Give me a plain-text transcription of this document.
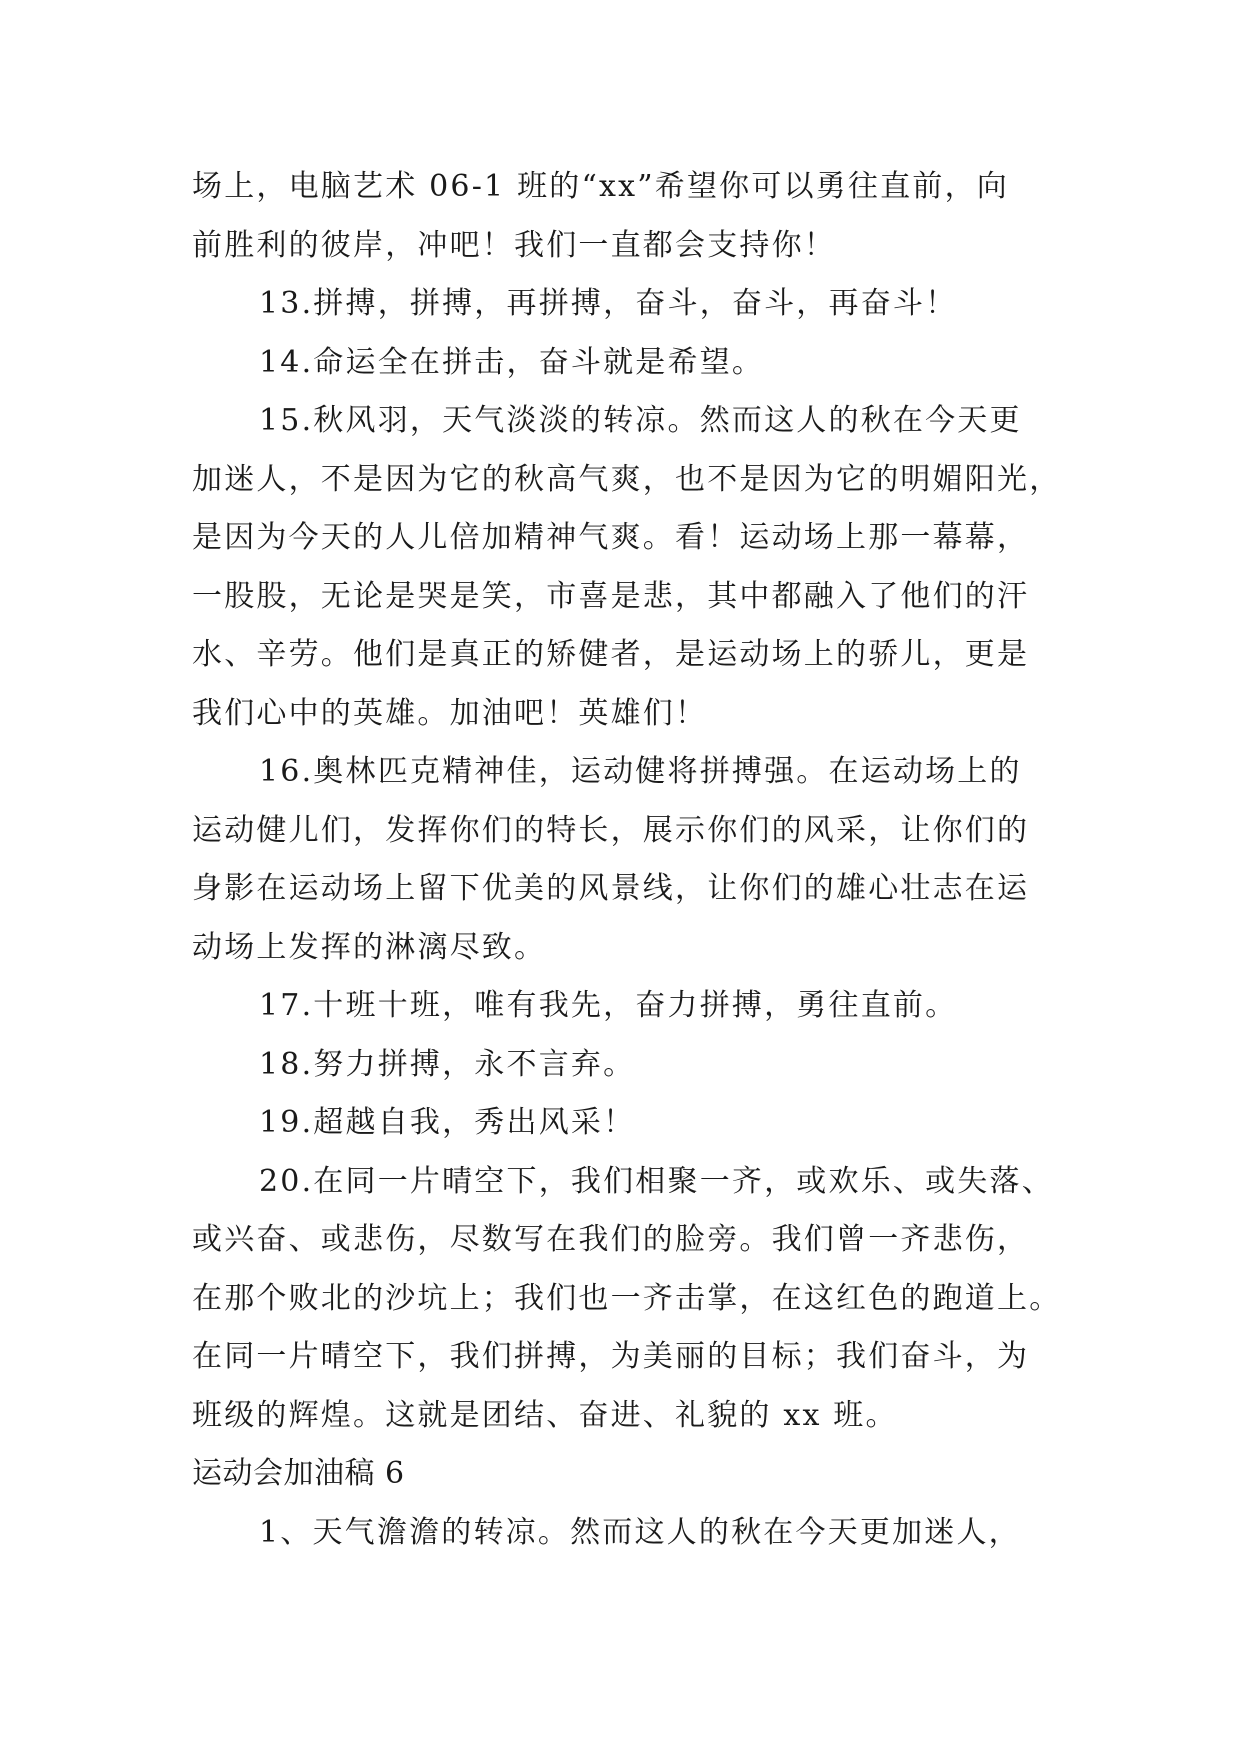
场上，电脑艺术 06-1 班的“xx”希望你可以勇往直前，向
前胜利的彼岸，冲吧！我们一直都会支持你！
13.拼搏，拼搏，再拼搏，奋斗，奋斗，再奋斗！
14.命运全在拼击，奋斗就是希望。
15.秋风羽，天气淡淡的转凉。然而这人的秋在今天更
加迷人，不是因为它的秋高气爽，也不是因为它的明媚阳光，
是因为今天的人儿倍加精神气爽。看！运动场上那一幕幕，
一股股，无论是哭是笑，市喜是悲，其中都融入了他们的汗
水、辛劳。他们是真正的矫健者，是运动场上的骄儿，更是
我们心中的英雄。加油吧！英雄们！
16.奥林匹克精神佳，运动健将拼搏强。在运动场上的
运动健儿们，发挥你们的特长，展示你们的风采，让你们的
身影在运动场上留下优美的风景线，让你们的雄心壮志在运
动场上发挥的淋漓尽致。
17.十班十班，唯有我先，奋力拼搏，勇往直前。
18.努力拼搏，永不言弃。
19.超越自我，秀出风采！
20.在同一片晴空下，我们相聚一齐，或欢乐、或失落、
或兴奋、或悲伤，尽数写在我们的脸旁。我们曾一齐悲伤，
在那个败北的沙坑上；我们也一齐击掌，在这红色的跑道上。
在同一片晴空下，我们拼搏，为美丽的目标；我们奋斗，为
班级的辉煌。这就是团结、奋进、礼貌的 xx 班。
运动会加油稿 6
1、天气澹澹的转凉。然而这人的秋在今天更加迷人，
